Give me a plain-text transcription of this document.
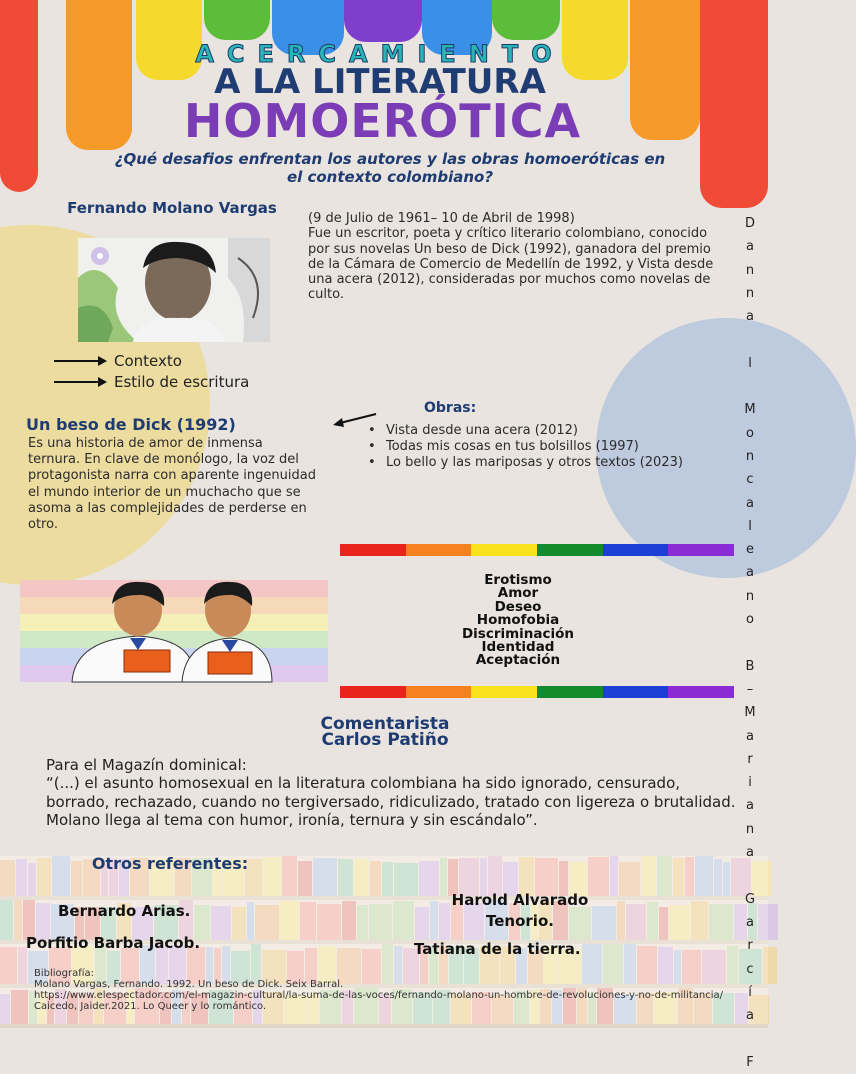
ACERCAMIENTO
A LA LITERATURA
HOMOERÓTICA
¿Qué desafios enfrentan los autores y las obras homoeróticas en el contexto colombiano?
Fernando Molano Vargas
(9 de Julio de 1961– 10 de Abril de 1998)
Fue un escritor, poeta y crítico literario colombiano, conocido por sus novelas Un beso de Dick (1992), ganadora del premio de la Cámara de Comercio de Medellín de 1992, y Vista desde una acera (2012), consideradas por muchos como novelas de culto.
Contexto
Estilo de escritura
Un beso de Dick (1992)
Es una historia de amor de inmensa ternura. En clave de monólogo, la voz del protagonista narra con aparente ingenuidad el mundo interior de un muchacho que se asoma a las complejidades de perderse en otro.
Obras:
• Vista desde una acera (2012)
• Todas mis cosas en tus bolsillos (1997)
• Lo bello y las mariposas y otros textos (2023)
Erotismo
Amor
Deseo
Homofobia
Discriminación
Identidad
Aceptación
Comentarista
Carlos Patiño
Para el Magazín dominical:
“(...) el asunto homosexual en la literatura colombiana ha sido ignorado, censurado, borrado, rechazado, cuando no tergiversado, ridiculizado, tratado con ligereza o brutalidad. Molano llega al tema con humor, ironía, ternura y sin escándalo”.
Otros referentes:
Bernardo Arias.
Porfitio Barba Jacob.
Harold Alvarado Tenorio.
Tatiana de la tierra.
Bibliografía:
Molano Vargas, Fernando. 1992. Un beso de Dick. Seix Barral.
https://www.elespectador.com/el-magazin-cultural/la-suma-de-las-voces/fernando-molano-un-hombre-de-revoluciones-y-no-de-militancia/
Caicedo, Jaider.2021. Lo Queer y lo romántico.
D
a
n
n
a

l

M
o
n
c
a
l
e
a
n
o

B
–
M
a
r
i
a
n
a

G
a
r
c
í
a

F
